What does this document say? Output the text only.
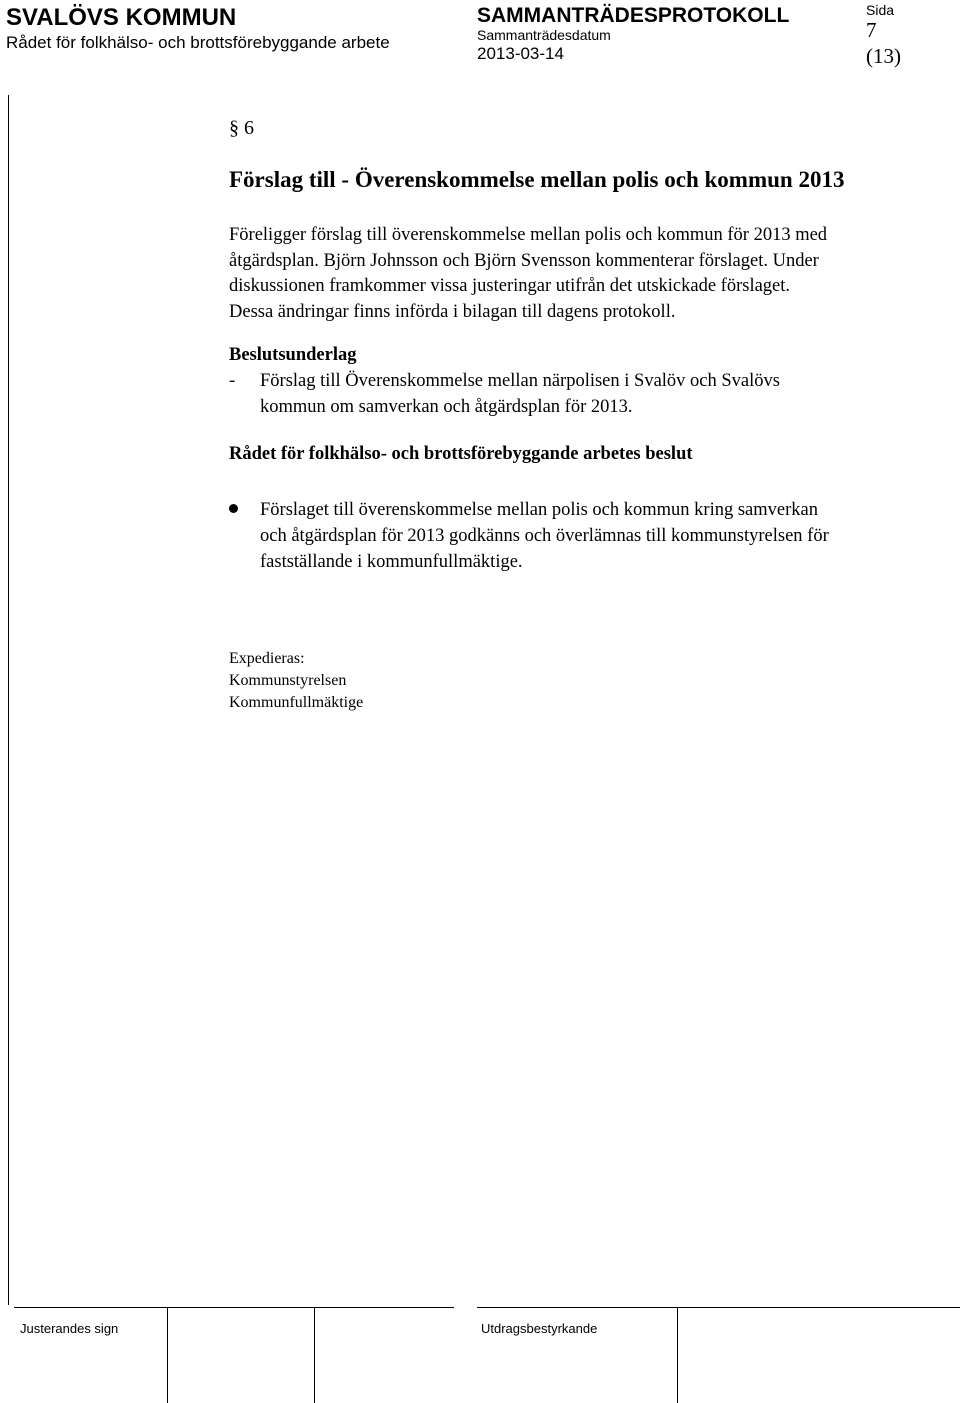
SVALÖVS KOMMUN
Rådet för folkhälso- och brottsförebyggande arbete
SAMMANTRÄDESPROTOKOLL
Sammanträdesdatum
2013-03-14
Sida
7
(13)
§ 6
Förslag till - Överenskommelse mellan polis och kommun 2013
Föreligger förslag till överenskommelse mellan polis och kommun för 2013 med
åtgärdsplan. Björn Johnsson och Björn Svensson kommenterar förslaget. Under
diskussionen framkommer vissa justeringar utifrån det utskickade förslaget.
Dessa ändringar finns införda i bilagan till dagens protokoll.
Beslutsunderlag
- Förslag till Överenskommelse mellan närpolisen i Svalöv och Svalövs
kommun om samverkan och åtgärdsplan för 2013.
Rådet för folkhälso- och brottsförebyggande arbetes beslut
Förslaget till överenskommelse mellan polis och kommun kring samverkan
och åtgärdsplan för 2013 godkänns och överlämnas till kommunstyrelsen för
fastställande i kommunfullmäktige.
Expedieras:
Kommunstyrelsen
Kommunfullmäktige
Justerandes sign	Utdragsbestyrkande
